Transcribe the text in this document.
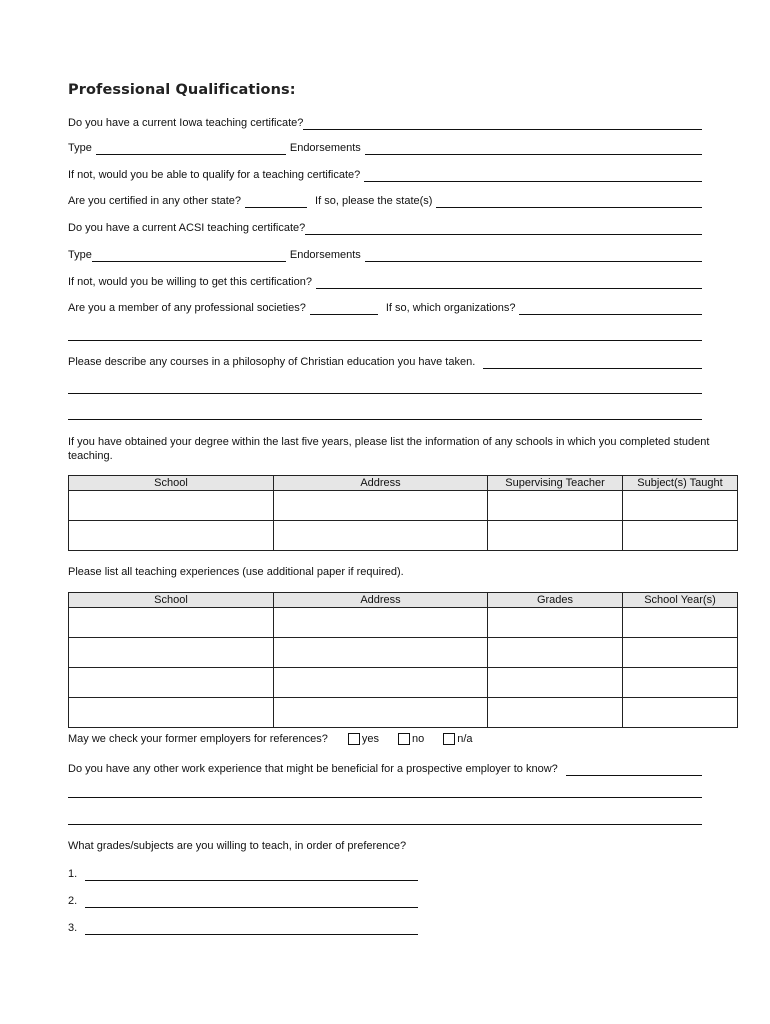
Professional Qualifications:
Do you have a current Iowa teaching certificate?
Type	Endorsements
If not, would you be able to qualify for a teaching certificate?
Are you certified in any other state?	If so, please the state(s)
Do you have a current ACSI teaching certificate?
Type	Endorsements
If not, would you be willing to get this certification?
Are you a member of any professional societies?	If so, which organizations?
Please describe any courses in a philosophy of Christian education you have taken.
If you have obtained your degree within the last five years, please list the information of any schools in which you completed student teaching.
School	Address	Supervising Teacher	Subject(s) Taught

Please list all teaching experiences (use additional paper if required).
School	Address	Grades	School Year(s)

May we check your former employers for references?	yes	no	n/a
Do you have any other work experience that might be beneficial for a prospective employer to know?
What grades/subjects are you willing to teach, in order of preference?
1.
2.
3.
